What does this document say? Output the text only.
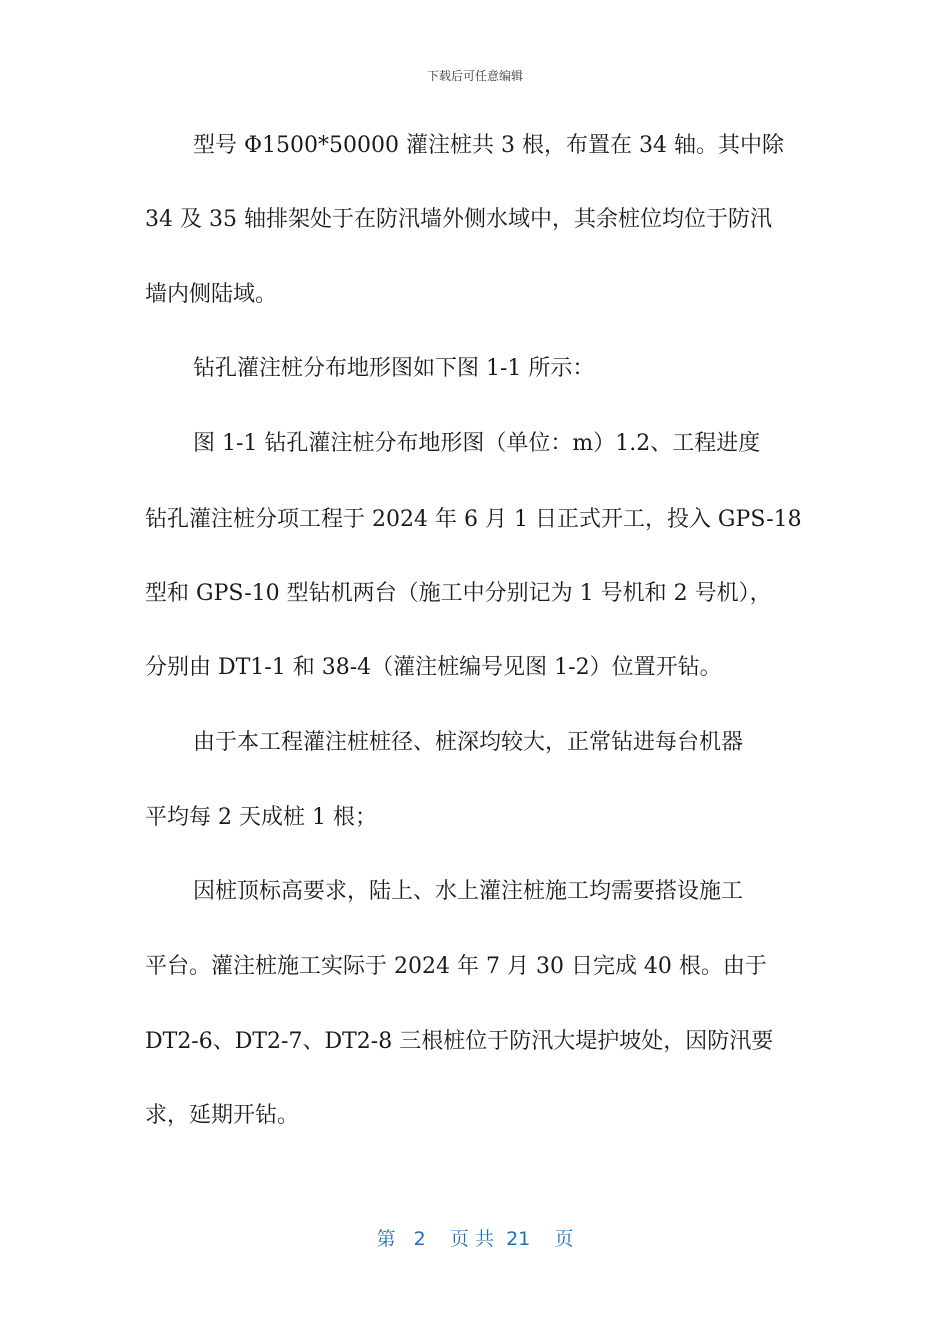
下载后可任意编辑
型号 Φ1500*50000 灌注桩共 3 根，布置在 34 轴。其中除
34 及 35 轴排架处于在防汛墙外侧水域中，其余桩位均位于防汛
墙内侧陆域。
钻孔灌注桩分布地形图如下图 1-1 所示：
图 1-1 钻孔灌注桩分布地形图（单位：m）1.2、工程进度
钻孔灌注桩分项工程于 2024 年 6 月 1 日正式开工，投入 GPS-18
型和 GPS-10 型钻机两台（施工中分别记为 1 号机和 2 号机），
分别由 DT1-1 和 38-4（灌注桩编号见图 1-2）位置开钻。
由于本工程灌注桩桩径、桩深均较大，正常钻进每台机器
平均每 2 天成桩 1 根；
因桩顶标高要求，陆上、水上灌注桩施工均需要搭设施工
平台。灌注桩施工实际于 2024 年 7 月 30 日完成 40 根。由于
DT2-6、DT2-7、DT2-8 三根桩位于防汛大堤护坡处，因防汛要
求，延期开钻。
第 2 页 共 21 页
